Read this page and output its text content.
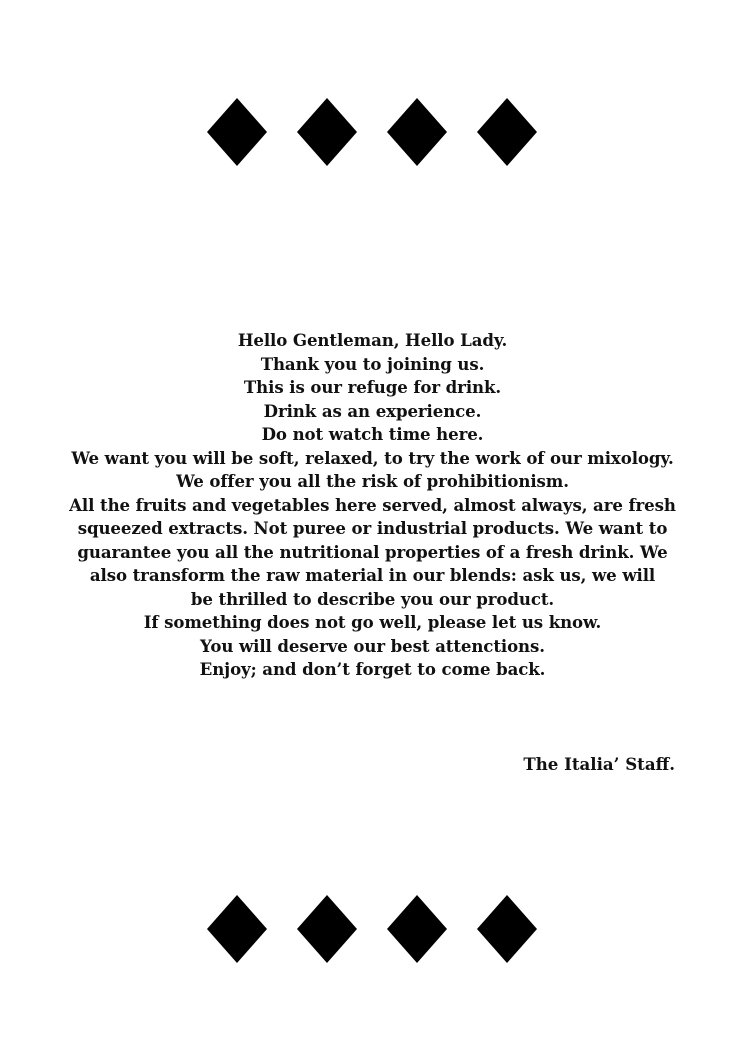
Hello Gentleman, Hello Lady.
Thank you to joining us.
This is our refuge for drink.
Drink as an experience.
Do not watch time here.
We want you will be soft, relaxed, to try the work of our mixology.
We offer you all the risk of prohibitionism.
All the fruits and vegetables here served, almost always, are fresh
squeezed extracts. Not puree or industrial products. We want to
guarantee you all the nutritional properties of a fresh drink. We
also transform the raw material in our blends: ask us, we will
be thrilled to describe you our product.
If something does not go well, please let us know.
You will deserve our best attenctions.
Enjoy; and don’t forget to come back.
The Italia’ Staff.
